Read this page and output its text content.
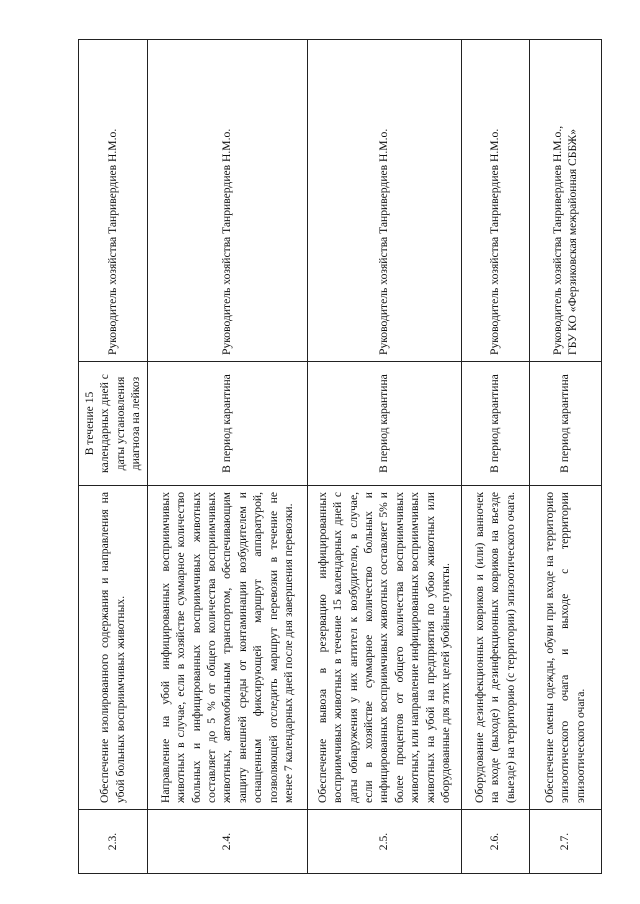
2.3.	Обеспечение изолированного содержания и направления на убой больных восприимчивых животных.	В течение 15 календарных дней с даты установления диагноза на лейкоз	Руководитель хозяйства Танривердиев Н.М.о.

2.4.	Направление на убой инфицированных восприимчивых животных в случае, если в хозяйстве суммарное количество больных и инфицированных восприимчивых животных составляет до 5 % от общего количества восприимчивых животных, автомобильным транспортом, обеспечивающим защиту внешней среды от контаминации возбудителем и оснащенным фиксирующей маршрут аппаратурой, позволяющей отследить маршрут перевозки в течение не менее 7 календарных дней после дня завершения перевозки.	В период карантина	Руководитель хозяйства Танривердиев Н.М.о.

2.5.	Обеспечение вывоза в резервацию инфицированных восприимчивых животных в течение 15 календарных дней с даты обнаружения у них антител к возбудителю, в случае, если в хозяйстве суммарное количество больных и инфицированных восприимчивых животных составляет 5% и более процентов от общего количества восприимчивых животных, или направление инфицированных восприимчивых животных на убой на предприятия по убою животных или оборудованные для этих целей убойные пункты.	В период карантина	Руководитель хозяйства Танривердиев Н.М.о.

2.6.	Оборудование дезинфекционных ковриков и (или) ванночек на входе (выходе) и дезинфекционных ковриков на въезде (выезде) на территорию (с территории) эпизоотического очага.	В период карантина	Руководитель хозяйства Танривердиев Н.М.о.

2.7.	Обеспечение смены одежды, обуви при входе на территорию эпизоотического очага и выходе с территории эпизоотического очага.	В период карантина	Руководитель хозяйства Танривердиев Н.М.о., ГБУ КО «Ферзиковская межрайонная СББЖ»
